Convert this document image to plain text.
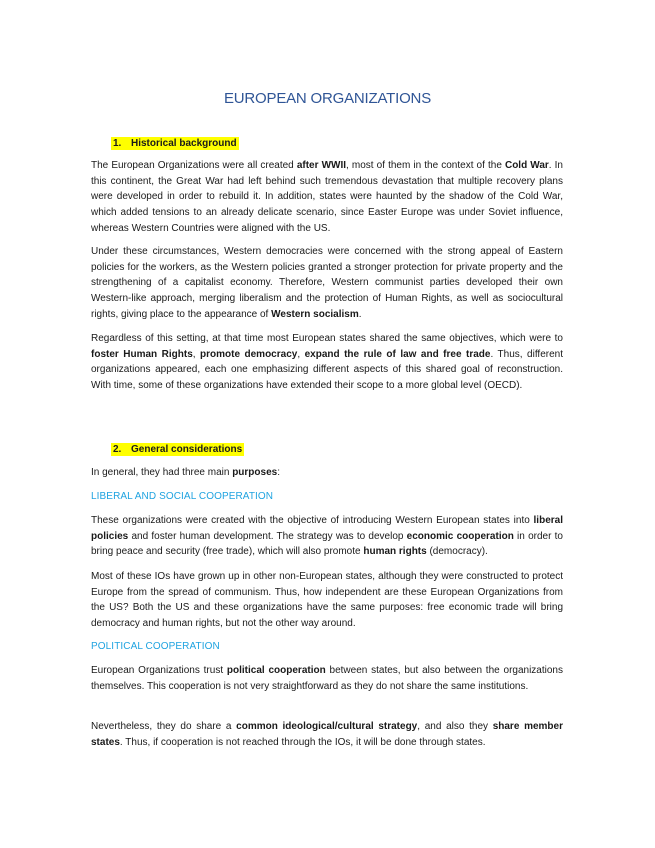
EUROPEAN ORGANIZATIONS
1. Historical background
The European Organizations were all created after WWII, most of them in the context of the Cold War. In this continent, the Great War had left behind such tremendous devastation that multiple recovery plans were developed in order to rebuild it. In addition, states were haunted by the shadow of the Cold War, which added tensions to an already delicate scenario, since Easter Europe was under Soviet influence, whereas Western Countries were aligned with the US.
Under these circumstances, Western democracies were concerned with the strong appeal of Eastern policies for the workers, as the Western policies granted a stronger protection for private property and the strengthening of a capitalist economy. Therefore, Western communist parties developed their own Western-like approach, merging liberalism and the protection of Human Rights, as well as sociocultural rights, giving place to the appearance of Western socialism.
Regardless of this setting, at that time most European states shared the same objectives, which were to foster Human Rights, promote democracy, expand the rule of law and free trade. Thus, different organizations appeared, each one emphasizing different aspects of this shared goal of reconstruction. With time, some of these organizations have extended their scope to a more global level (OECD).
2. General considerations
In general, they had three main purposes:
LIBERAL AND SOCIAL COOPERATION
These organizations were created with the objective of introducing Western European states into liberal policies and foster human development. The strategy was to develop economic cooperation in order to bring peace and security (free trade), which will also promote human rights (democracy).
Most of these IOs have grown up in other non-European states, although they were constructed to protect Europe from the spread of communism. Thus, how independent are these European Organizations from the US? Both the US and these organizations have the same purposes: free economic trade will bring democracy and human rights, but not the other way around.
POLITICAL COOPERATION
European Organizations trust political cooperation between states, but also between the organizations themselves. This cooperation is not very straightforward as they do not share the same institutions.
Nevertheless, they do share a common ideological/cultural strategy, and also they share member states. Thus, if cooperation is not reached through the IOs, it will be done through states.
